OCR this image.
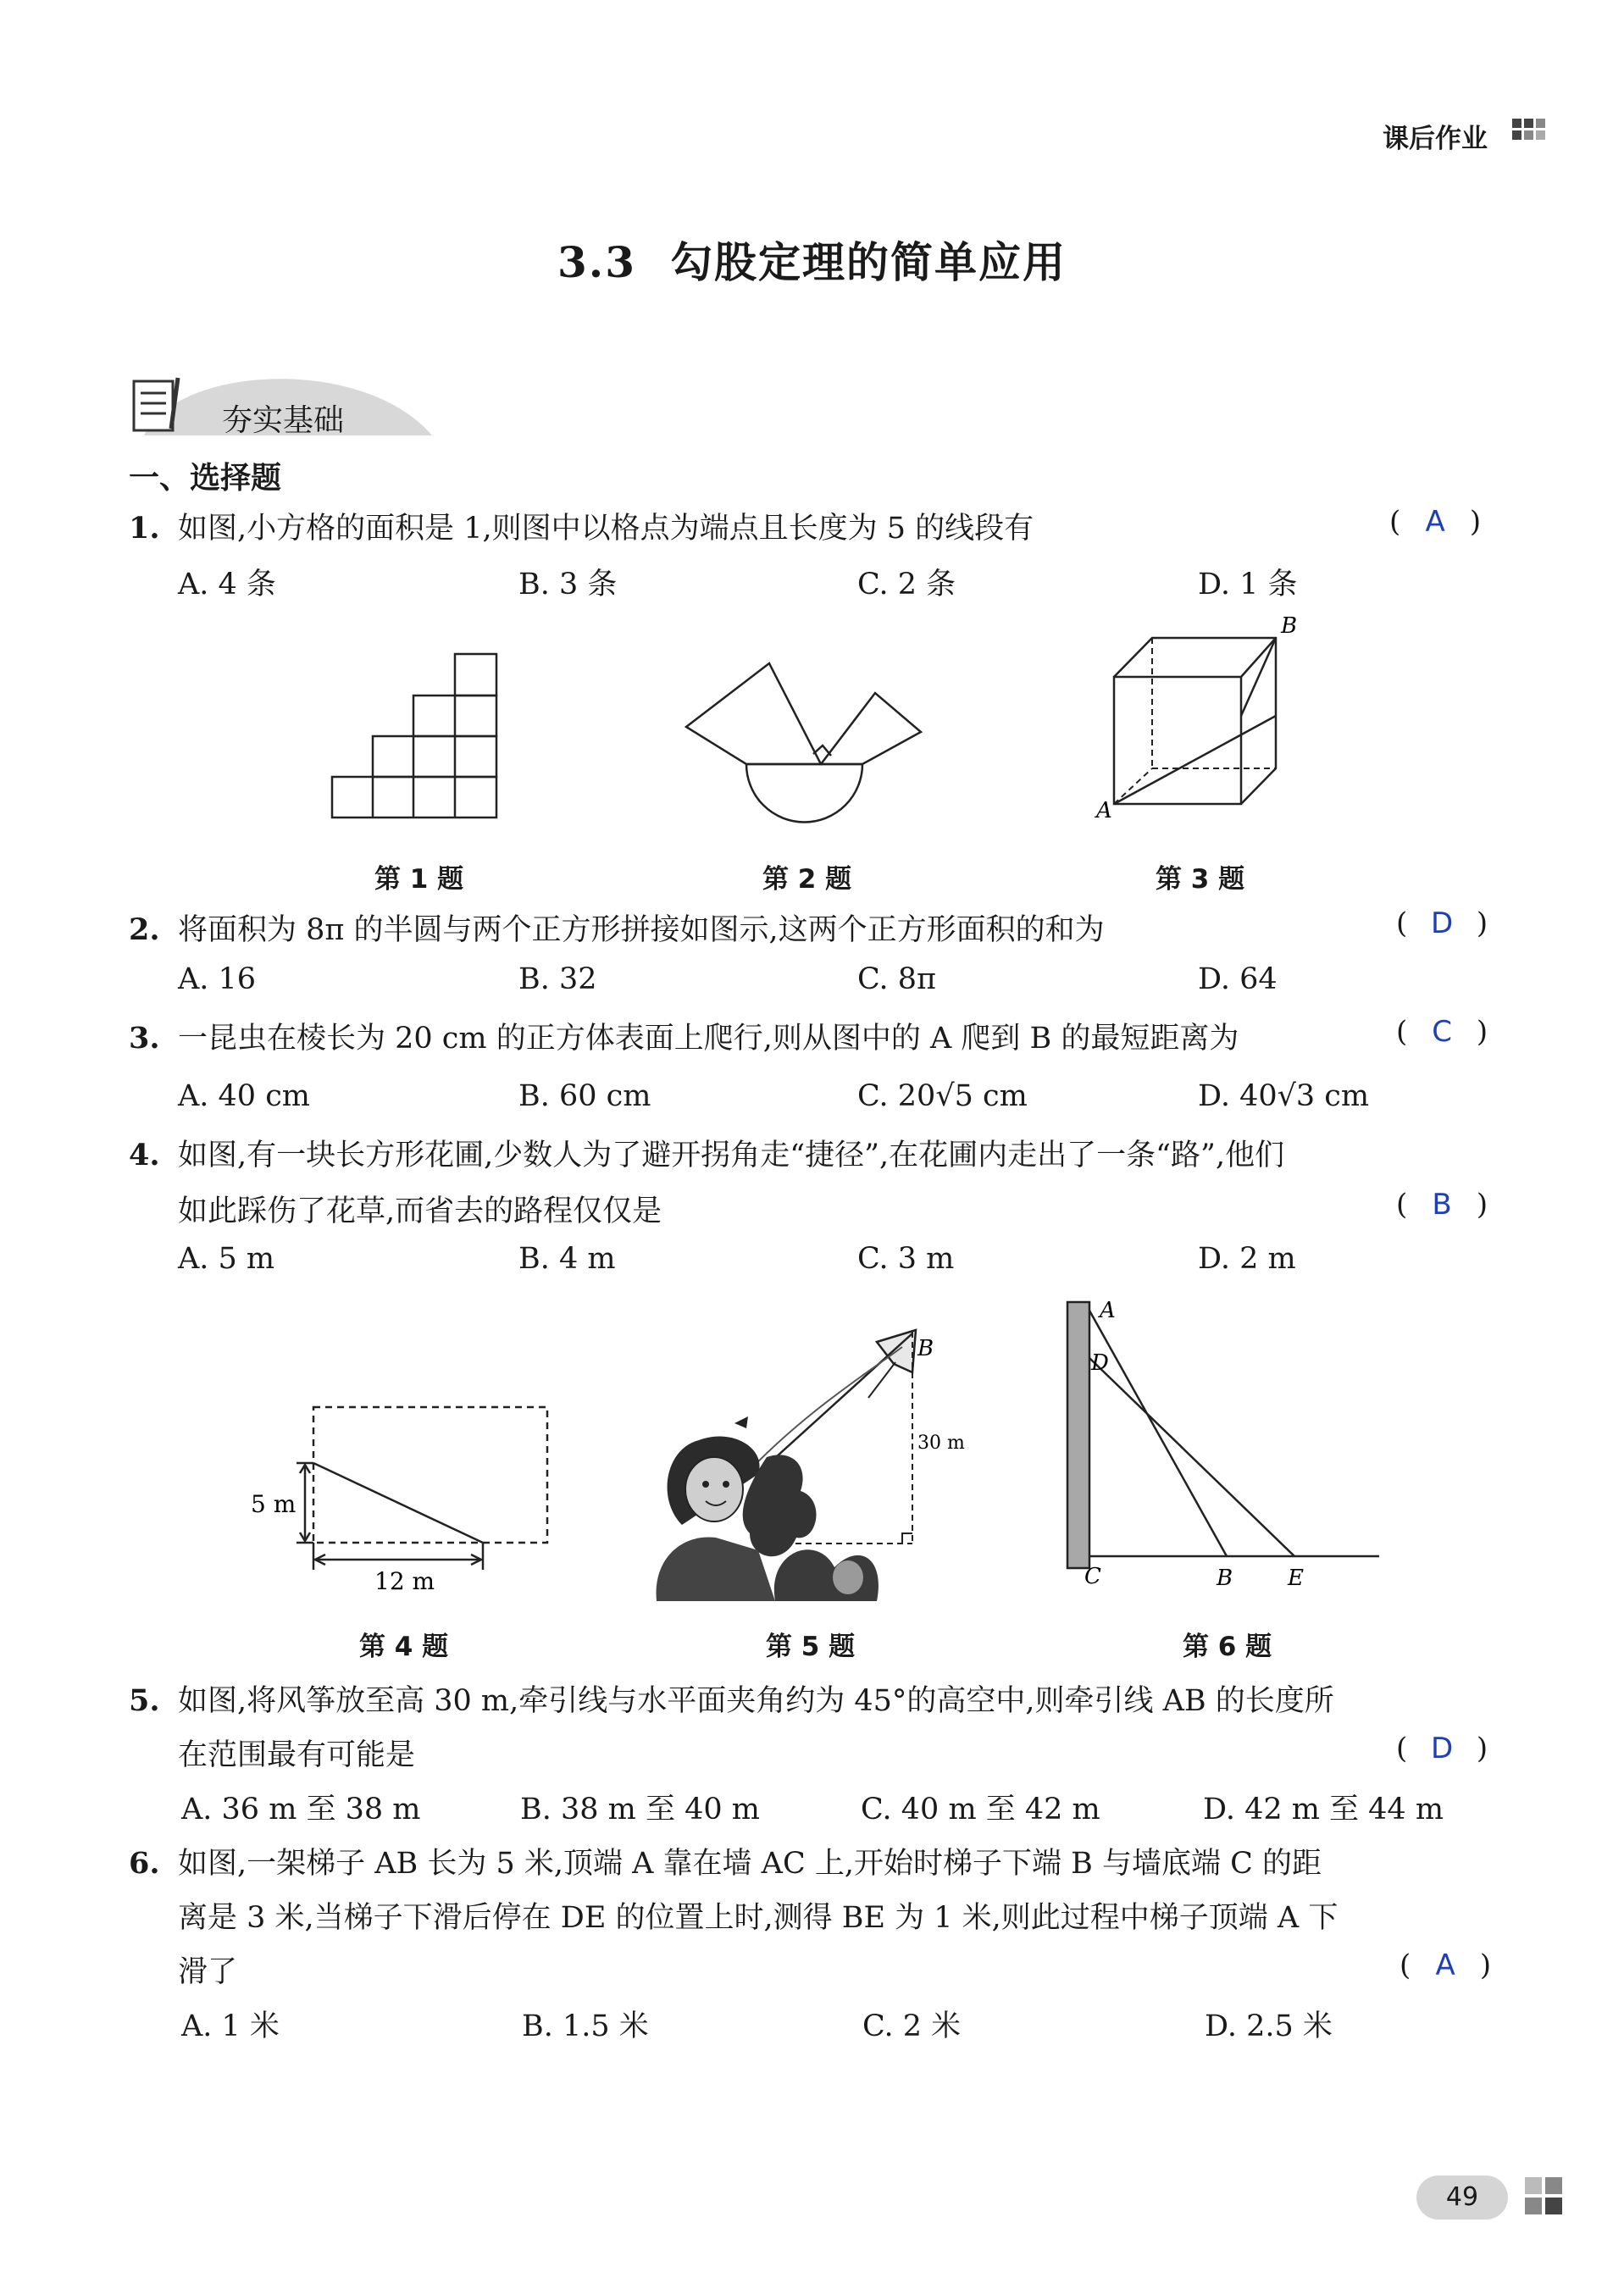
课后作业
3.3 勾股定理的简单应用
夯实基础
一、选择题
1. 如图,小方格的面积是 1,则图中以格点为端点且长度为 5 的线段有	( A )
A. 4 条	B. 3 条	C. 2 条	D. 1 条
A
B
第 1 题	第 2 题	第 3 题
2. 将面积为 8π 的半圆与两个正方形拼接如图示,这两个正方形面积的和为	( D )
A. 16	B. 32	C. 8π	D. 64
3. 一昆虫在棱长为 20 cm 的正方体表面上爬行,则从图中的 A 爬到 B 的最短距离为	( C )
A. 40 cm	B. 60 cm	C. 20√5 cm	D. 40√3 cm
4. 如图,有一块长方形花圃,少数人为了避开拐角走“捷径”,在花圃内走出了一条“路”,他们
如此踩伤了花草,而省去的路程仅仅是	( B )
A. 5 m	B. 4 m	C. 3 m	D. 2 m
5 m
12 m
B
30 m
A
D
C	B E
第 4 题	第 5 题	第 6 题
5. 如图,将风筝放至高 30 m,牵引线与水平面夹角约为 45°的高空中,则牵引线 AB 的长度所
在范围最有可能是	( D )
A. 36 m 至 38 m	B. 38 m 至 40 m	C. 40 m 至 42 m	D. 42 m 至 44 m
6. 如图,一架梯子 AB 长为 5 米,顶端 A 靠在墙 AC 上,开始时梯子下端 B 与墙底端 C 的距
离是 3 米,当梯子下滑后停在 DE 的位置上时,测得 BE 为 1 米,则此过程中梯子顶端 A 下
滑了	( A )
A. 1 米	B. 1.5 米	C. 2 米	D. 2.5 米
49
